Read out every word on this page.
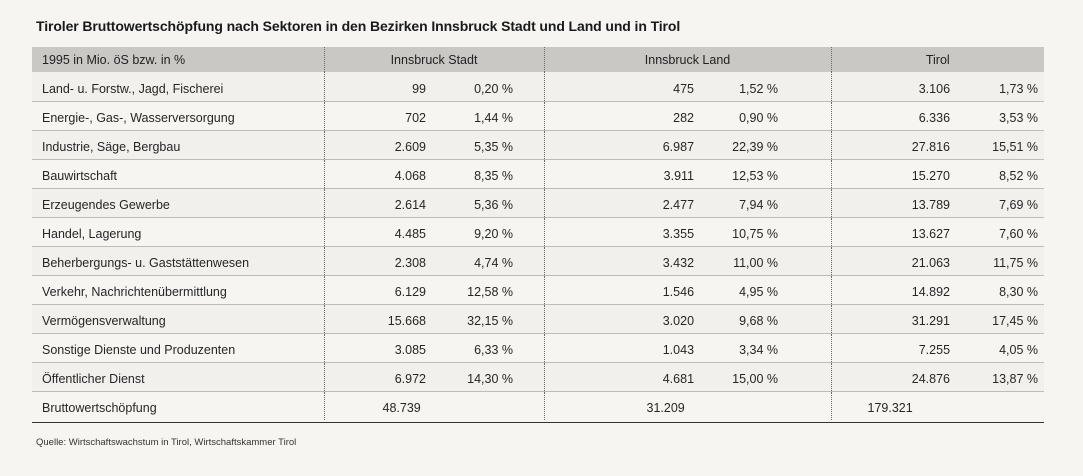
Tiroler Bruttowertschöpfung nach Sektoren in den Bezirken Innsbruck Stadt und Land und in Tirol
1995 in Mio. öS bzw. in %	Innsbruck Stadt			Innsbruck Land			Tirol	
Land- u. Forstw., Jagd, Fischerei	99	0,20 %		475	1,52 %		3.106	1,73 %
Energie-, Gas-, Wasserversorgung	702	1,44 %		282	0,90 %		6.336	3,53 %
Industrie, Säge, Bergbau	2.609	5,35 %		6.987	22,39 %		27.816	15,51 %
Bauwirtschaft	4.068	8,35 %		3.911	12,53 %		15.270	8,52 %
Erzeugendes Gewerbe	2.614	5,36 %		2.477	7,94 %		13.789	7,69 %
Handel, Lagerung	4.485	9,20 %		3.355	10,75 %		13.627	7,60 %
Beherbergungs- u. Gaststättenwesen	2.308	4,74 %		3.432	11,00 %		21.063	11,75 %
Verkehr, Nachrichtenübermittlung	6.129	12,58 %		1.546	4,95 %		14.892	8,30 %
Vermögensverwaltung	15.668	32,15 %		3.020	9,68 %		31.291	17,45 %
Sonstige Dienste und Produzenten	3.085	6,33 %		1.043	3,34 %		7.255	4,05 %
Öffentlicher Dienst	6.972	14,30 %		4.681	15,00 %		24.876	13,87 %
Bruttowertschöpfung	48.739			31.209			179.321	
Quelle: Wirtschaftswachstum in Tirol, Wirtschaftskammer Tirol
